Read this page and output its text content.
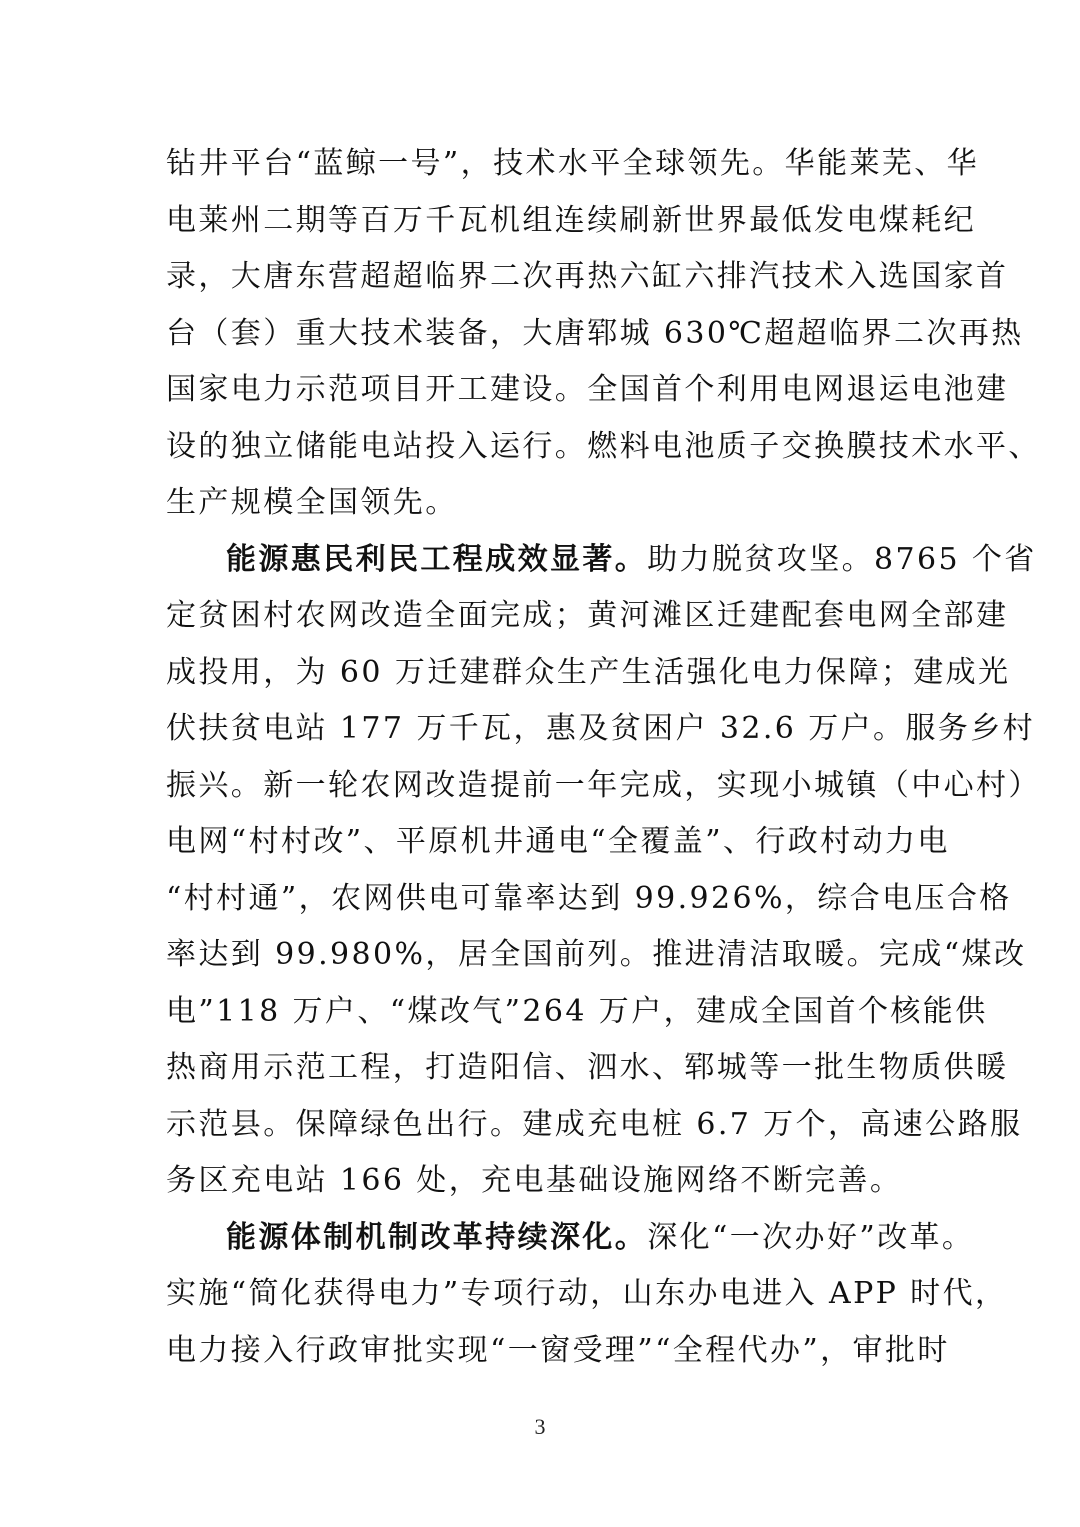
钻井平台“蓝鲸一号”，技术水平全球领先。华能莱芜、华
电莱州二期等百万千瓦机组连续刷新世界最低发电煤耗纪
录，大唐东营超超临界二次再热六缸六排汽技术入选国家首
台（套）重大技术装备，大唐郓城 630℃超超临界二次再热
国家电力示范项目开工建设。全国首个利用电网退运电池建
设的独立储能电站投入运行。燃料电池质子交换膜技术水平、
生产规模全国领先。
能源惠民利民工程成效显著。助力脱贫攻坚。8765 个省
定贫困村农网改造全面完成；黄河滩区迁建配套电网全部建
成投用，为 60 万迁建群众生产生活强化电力保障；建成光
伏扶贫电站 177 万千瓦，惠及贫困户 32.6 万户。服务乡村
振兴。新一轮农网改造提前一年完成，实现小城镇（中心村）
电网“村村改”、平原机井通电“全覆盖”、行政村动力电
“村村通”，农网供电可靠率达到 99.926%，综合电压合格
率达到 99.980%，居全国前列。推进清洁取暖。完成“煤改
电”118 万户、“煤改气”264 万户，建成全国首个核能供
热商用示范工程，打造阳信、泗水、郓城等一批生物质供暖
示范县。保障绿色出行。建成充电桩 6.7 万个，高速公路服
务区充电站 166 处，充电基础设施网络不断完善。
能源体制机制改革持续深化。深化“一次办好”改革。
实施“简化获得电力”专项行动，山东办电进入 APP 时代，
电力接入行政审批实现“一窗受理”“全程代办”，审批时
3
